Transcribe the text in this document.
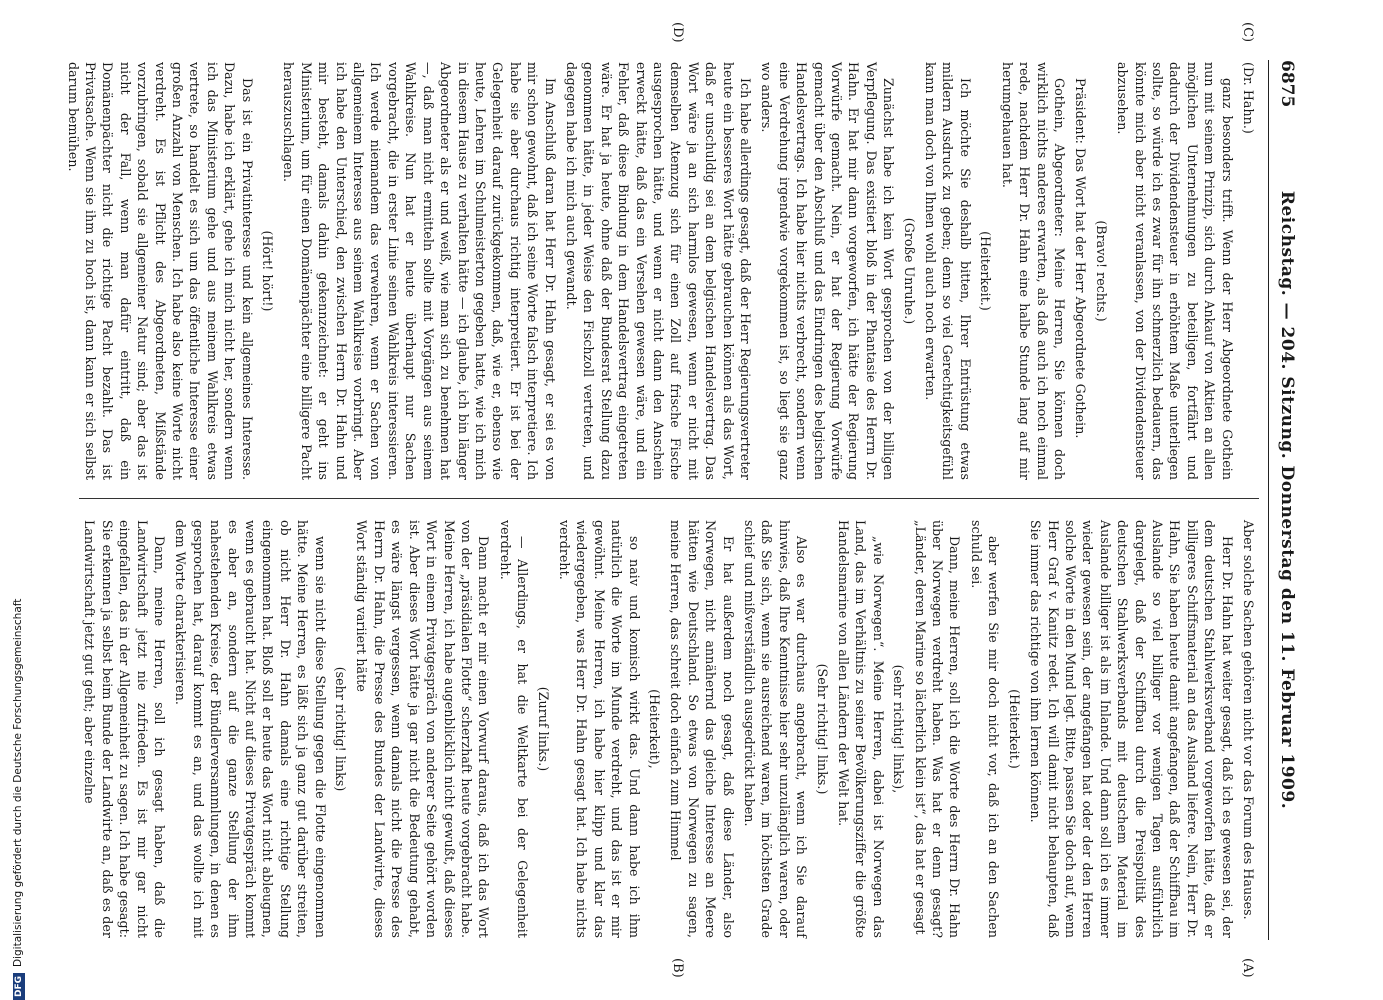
Reichstag. — 204. Sitzung. Donnerstag den 11. Februar 1909.
6875
(A)
(B)
(C)
(D)

(Dr. Hahn.)

ganz besonders trifft. Wenn der Herr Abgeordnete Gothein nun mit seinem Prinzip, sich durch Ankauf von Aktien an allen möglichen Unternehmungen zu beteiligen, fortfährt und dadurch der Dividendensteuer in erhöhtem Maße unterliegen sollte, so würde ich es zwar für ihn schmerzlich bedauern, das könnte mich aber nicht veranlassen, von der Dividendensteuer abzusehen.

(Bravo! rechts.)

Präsident: Das Wort hat der Herr Abgeordnete Gothein.

Gothein, Abgeordneter: Meine Herren, Sie können doch wirklich nichts anderes erwarten, als daß auch ich noch einmal rede, nachdem Herr Dr. Hahn eine halbe Stunde lang auf mir herumgehauen hat.

(Heiterkeit.)

Ich möchte Sie deshalb bitten, Ihrer Entrüstung etwas mildern Ausdruck zu geben; denn so viel Gerechtigkeitsgefühl kann man doch von Ihnen wohl auch noch erwarten.

(Große Unruhe.)

Zunächst habe ich kein Wort gesprochen von der billigen Verpflegung. Das existiert bloß in der Phantasie des Herrn Dr. Hahn. Er hat mir dann vorgeworfen, ich hätte der Regierung Vorwürfe gemacht. Nein, er hat der Regierung Vorwürfe gemacht über den Abschluß und das Eindringen des belgischen Handelsvertrags. Ich habe hier nichts verbrecht, sondern wenn eine Verdrehung irgendwie vorgekommen ist, so liegt sie ganz wo anders.

Ich habe allerdings gesagt, daß der Herr Regierungsvertreter heute ein besseres Wort hätte gebrauchen können als das Wort, daß er unschuldig sei an dem belgischen Handelsvertrag. Das Wort wäre ja an sich harmlos gewesen, wenn er nicht mit demselben Atemzug sich für einen Zoll auf frische Fische ausgesprochen hätte, und wenn er nicht dann den Anschein erweckt hätte, daß das ein Versehen gewesen wäre, und ein Fehler, daß diese Bindung in dem Handelsvertrag eingetreten wäre. Er hat ja heute, ohne daß der Bundesrat Stellung dazu genommen hätte, in jeder Weise den Fischzoll vertreten, und dagegen habe ich mich auch gewandt.

Im Anschluß daran hat Herr Dr. Hahn gesagt, er sei es von mir schon gewohnt, daß ich seine Worte falsch interpretiere. Ich habe sie aber durchaus richtig interpretiert. Er ist bei der Gelegenheit darauf zurückgekommen, daß, wie er, ebenso wie heute, Lehren im Schulmeisterton gegeben hatte, wie ich mich in diesem Hause zu verhalten hätte — ich glaube, ich bin länger Abgeordneter als er und weiß, wie man sich zu benehmen hat —, daß man nicht ermitteln sollte mit Vorgängen aus seinem Wahlkreise. Nun hat er heute überhaupt nur Sachen vorgebracht, die in erster Linie seinen Wahlkreis interessieren. Ich werde niemandem das verwehren, wenn er Sachen von allgemeinem Interesse aus seinem Wahlkreise vorbringt. Aber ich habe den Unterschied, den zwischen Herrn Dr. Hahn und mir besteht, damals dahin gekennzeichnet: er geht ins Ministerium, um für einen Domänenpächter eine billigere Pacht herauszuschlagen.

(Hört! hört!)

Das ist ein Privatinteresse und kein allgemeines Interesse. Dazu, habe ich erklärt, gehe ich mich nicht her, sondern wenn ich das Ministerium gehe und aus meinem Wahlkreis etwas vertrete, so handelt es sich um das öffentliche Interesse einer großen Anzahl von Menschen. Ich habe also keine Worte nicht verdreht. Es ist Pflicht des Abgeordneten, Mißstände vorzubringen, sobald sie allgemeiner Natur sind; aber das ist nicht der Fall, wenn man dafür eintritt, daß ein Domänenpächter nicht die richtige Pacht bezahlt. Das ist Privatsache. Wenn sie ihm zu hoch ist, dann kann er sich selbst darum bemühen.

Aber solche Sachen gehören nicht vor das Forum des Hauses.

Herr Dr. Hahn hat weiter gesagt, daß ich es gewesen sei, der dem deutschen Stahlwerksverband vorgeworfen hätte, daß er billigeres Schiffsmaterial an das Ausland liefere. Nein, Herr Dr. Hahn, Sie haben heute damit angefangen, daß der Schiffbau im Auslande so viel billiger vor wenigen Tagen ausführlich dargelegt, daß der Schiffbau durch die Preispolitik des deutschen Stahlwerksverbands mit deutschem Material im Auslande billiger ist als im Inlande. Und dann soll ich es immer wieder gewesen sein, der angefangen hat oder der den Herren solche Worte in den Mund legt. Bitte, passen Sie doch auf, wenn Herr Graf v. Kanitz redet. Ich will damit nicht behaupten, daß Sie immer das richtige von ihm lernen können.

(Heiterkeit.)

aber werfen Sie mir doch nicht vor, daß ich an den Sachen schuld sei.

Dann, meine Herren, soll ich die Worte des Herrn Dr. Hahn über Norwegen verdreht haben. Was hat er denn gesagt? „Länder, deren Marine so lächerlich klein ist“, das hat er gesagt

(sehr richtig! links),

„wie Norwegen“. Meine Herren, dabei ist Norwegen das Land, das im Verhältnis zu seiner Bevölkerungsziffer die größte Handelsmarine von allen Ländern der Welt hat.

(Sehr richtig! links.)

Also es war durchaus angebracht, wenn ich Sie darauf hinwies, daß Ihre Kenntnisse hier sehr unzulänglich waren, oder daß Sie sich, wenn sie ausreichend waren, im höchsten Grade schief und mißverständlich ausgedrückt haben.

Er hat außerdem noch gesagt, daß diese Länder, also Norwegen, nicht annähernd das gleiche Interesse an Meere hätten wie Deutschland. So etwas von Norwegen zu sagen, meine Herren, das schreit doch einfach zum Himmel

(Heiterkeit),

so naiv und komisch wirkt das. Und dann habe ich ihm natürlich die Worte im Munde verdreht, und das ist er mir gewöhnt. Meine Herren, ich habe hier klipp und klar das wiedergegeben, was Herr Dr. Hahn gesagt hat. Ich habe nichts verdreht.

(Zuruf links.)

— Allerdings, er hat die Weltkarte bei der Gelegenheit verdreht.

Dann macht er mir einen Vorwurf daraus, daß ich das Wort von der „präsidialen Flotte“ scherzhaft heute vorgebracht habe. Meine Herren, ich habe augenblicklich nicht gewußt, daß dieses Wort in einem Privatgespräch von anderer Seite gehört worden ist. Aber dieses Wort hätte ja gar nicht die Bedeutung gehabt, es wäre längst vergessen, wenn damals nicht die Presse des Herrn Dr. Hahn, die Presse des Bundes der Landwirte, dieses Wort ständig variiert hätte

(sehr richtig! links)

wenn sie nicht diese Stellung gegen die Flotte eingenommen hätte. Meine Herren, es läßt sich ja ganz gut darüber streiten, ob nicht Herr Dr. Hahn damals eine richtige Stellung eingenommen hat. Bloß soll er heute das Wort nicht ableugnen, wenn es gebraucht hat. Nicht auf dieses Privatgespräch kommt es aber an, sondern auf die ganze Stellung der ihm nahestehenden Kreise, der Bündlerversammlungen, in denen es gesprochen hat, darauf kommt es an, und das wollte ich mit dem Worte charakterisieren.

Dann, meine Herren, soll ich gesagt haben, daß die Landwirtschaft jetzt nie zufrieden. Es ist mir gar nicht eingefallen, das in der Allgemeinheit zu sagen. Ich habe gesagt: Sie erkennen ja selbst beim Bunde der Landwirte an, daß es der Landwirtschaft jetzt gut geht; aber einzelne

DFGDigitalisierung gefördert durch die Deutsche Forschungsgemeinschaft
